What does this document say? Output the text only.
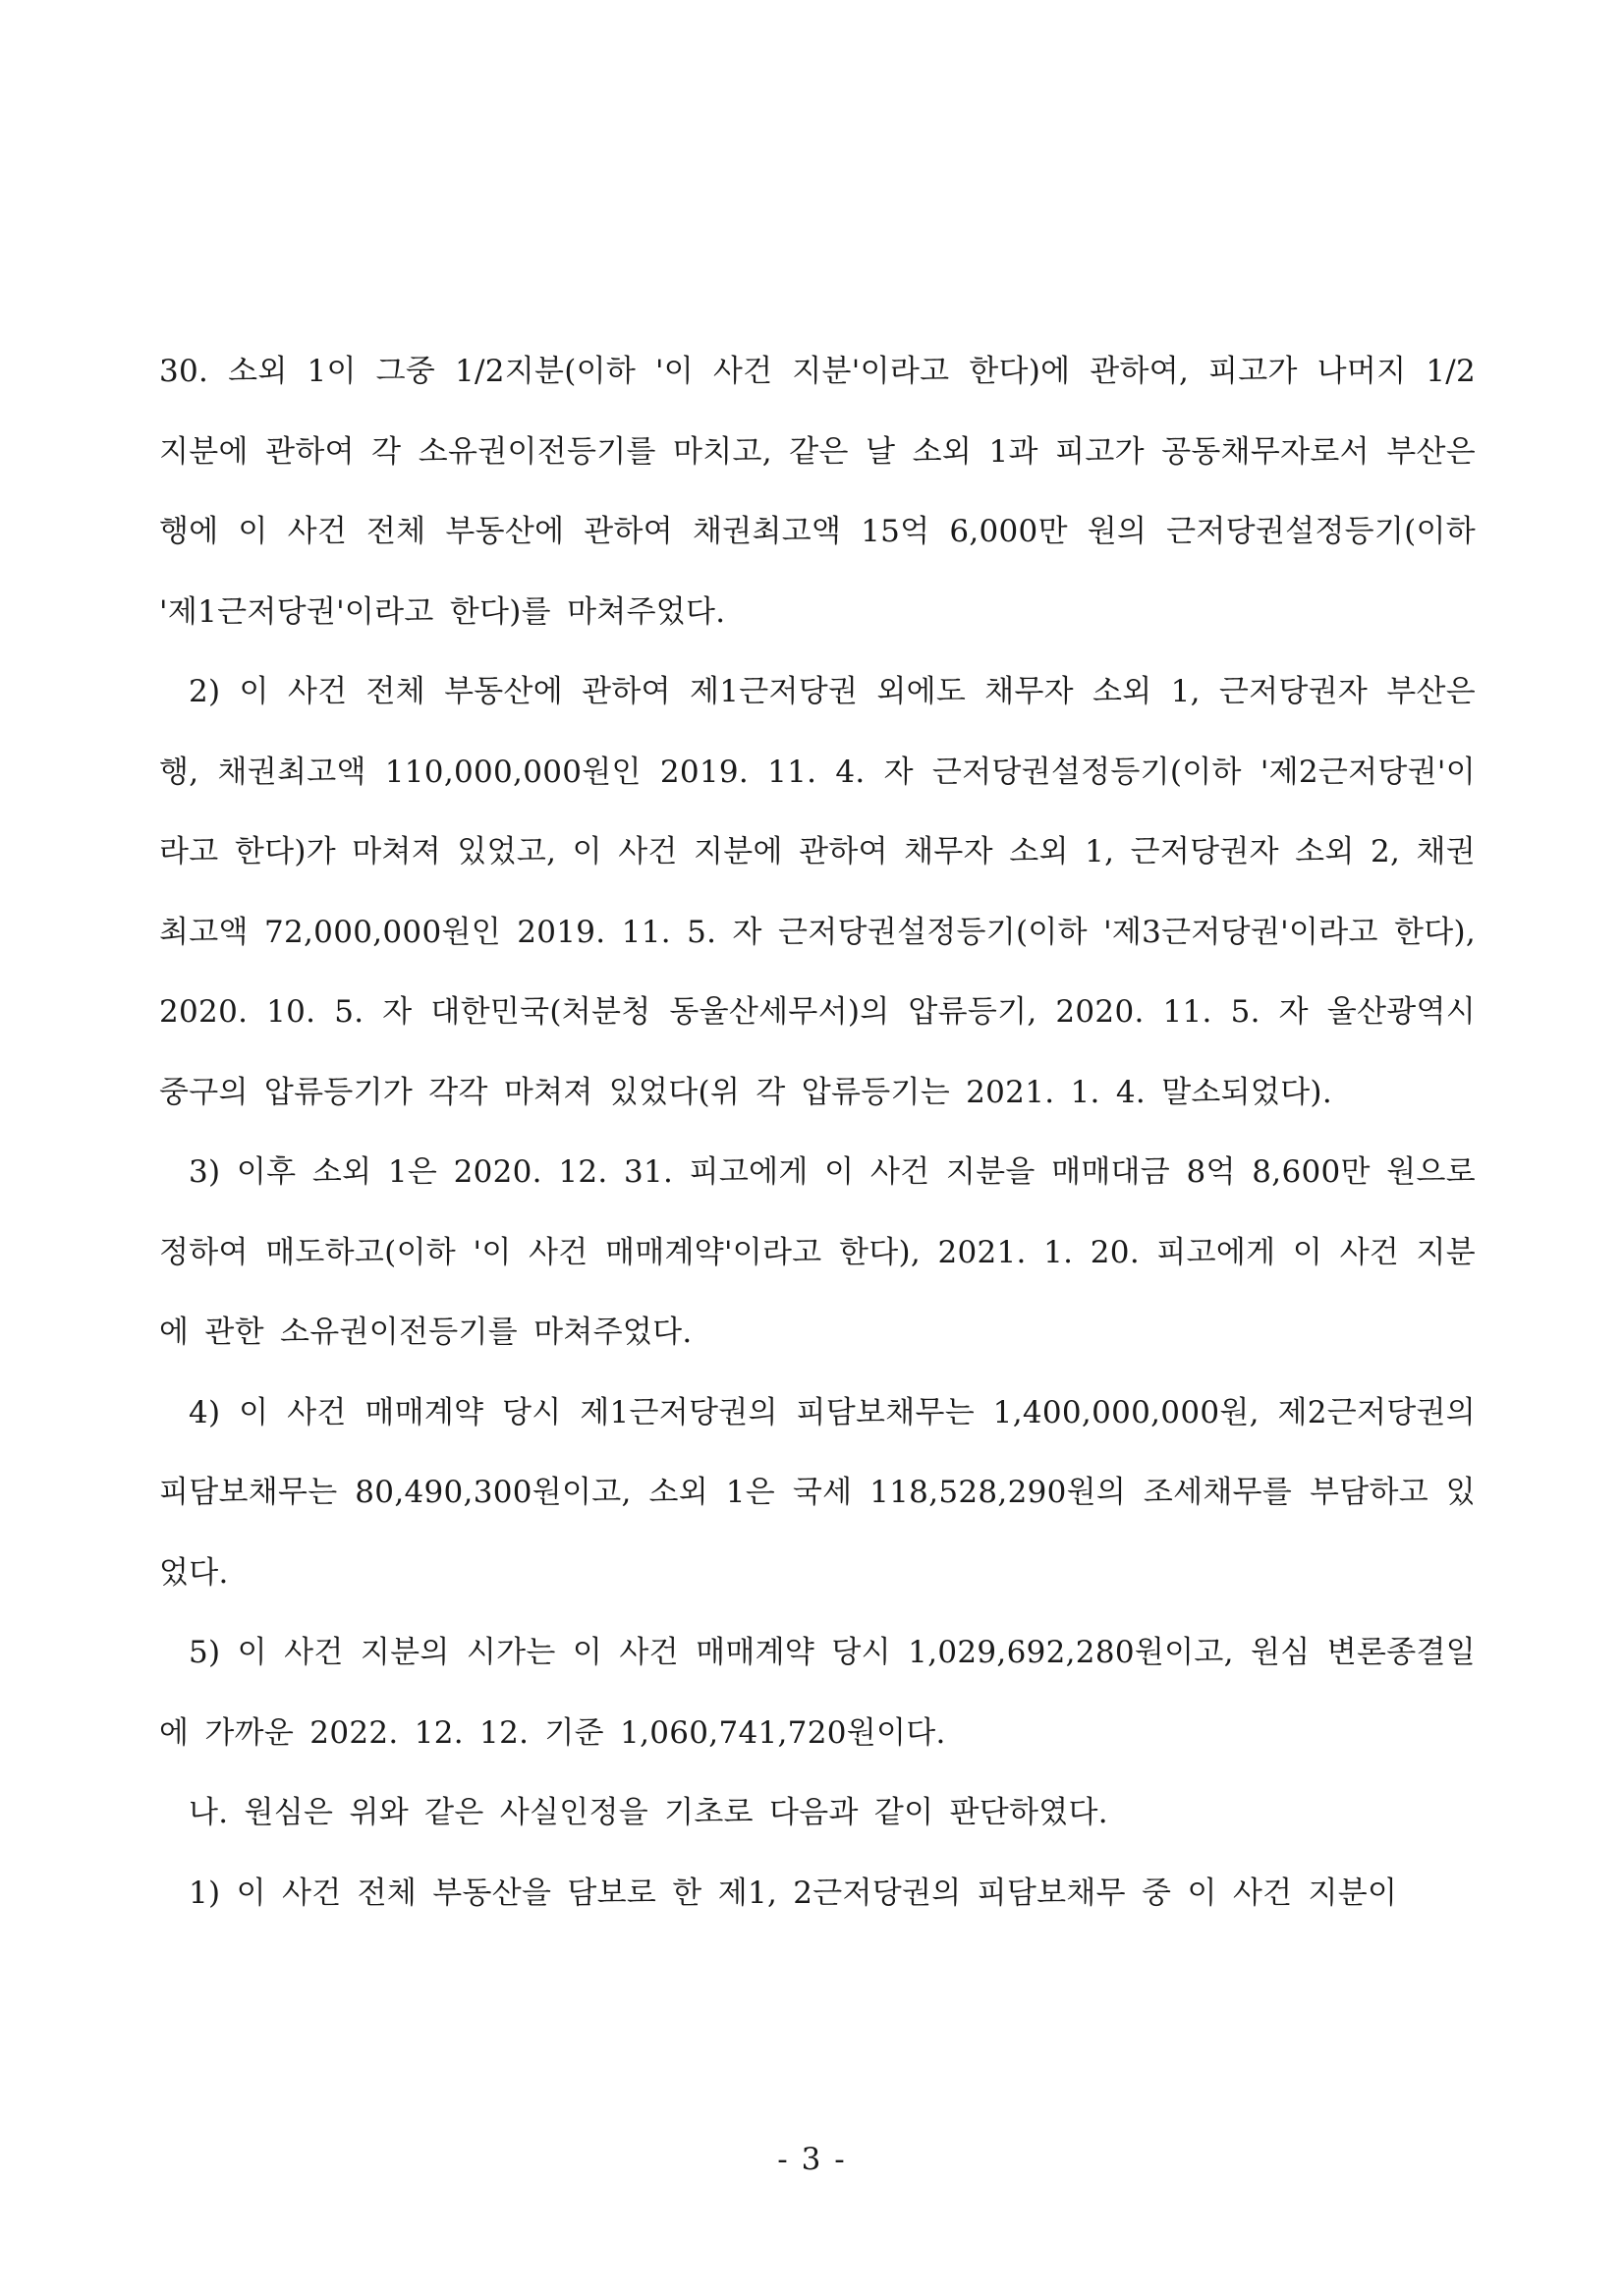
30. 소외 1이 그중 1/2지분(이하 '이 사건 지분'이라고 한다)에 관하여, 피고가 나머지 1/2 지분에 관하여 각 소유권이전등기를 마치고, 같은 날 소외 1과 피고가 공동채무자로서 부산은행에 이 사건 전체 부동산에 관하여 채권최고액 15억 6,000만 원의 근저당권설정등기(이하 '제1근저당권'이라고 한다)를 마쳐주었다.

2) 이 사건 전체 부동산에 관하여 제1근저당권 외에도 채무자 소외 1, 근저당권자 부산은행, 채권최고액 110,000,000원인 2019. 11. 4. 자 근저당권설정등기(이하 '제2근저당권'이라고 한다)가 마쳐져 있었고, 이 사건 지분에 관하여 채무자 소외 1, 근저당권자 소외 2, 채권최고액 72,000,000원인 2019. 11. 5. 자 근저당권설정등기(이하 '제3근저당권'이라고 한다), 2020. 10. 5. 자 대한민국(처분청 동울산세무서)의 압류등기, 2020. 11. 5. 자 울산광역시 중구의 압류등기가 각각 마쳐져 있었다(위 각 압류등기는 2021. 1. 4. 말소되었다).

3) 이후 소외 1은 2020. 12. 31. 피고에게 이 사건 지분을 매매대금 8억 8,600만 원으로 정하여 매도하고(이하 '이 사건 매매계약'이라고 한다), 2021. 1. 20. 피고에게 이 사건 지분에 관한 소유권이전등기를 마쳐주었다.

4) 이 사건 매매계약 당시 제1근저당권의 피담보채무는 1,400,000,000원, 제2근저당권의 피담보채무는 80,490,300원이고, 소외 1은 국세 118,528,290원의 조세채무를 부담하고 있었다.

5) 이 사건 지분의 시가는 이 사건 매매계약 당시 1,029,692,280원이고, 원심 변론종결일에 가까운 2022. 12. 12. 기준 1,060,741,720원이다.

나. 원심은 위와 같은 사실인정을 기초로 다음과 같이 판단하였다.

1) 이 사건 전체 부동산을 담보로 한 제1, 2근저당권의 피담보채무 중 이 사건 지분이

- 3 -
